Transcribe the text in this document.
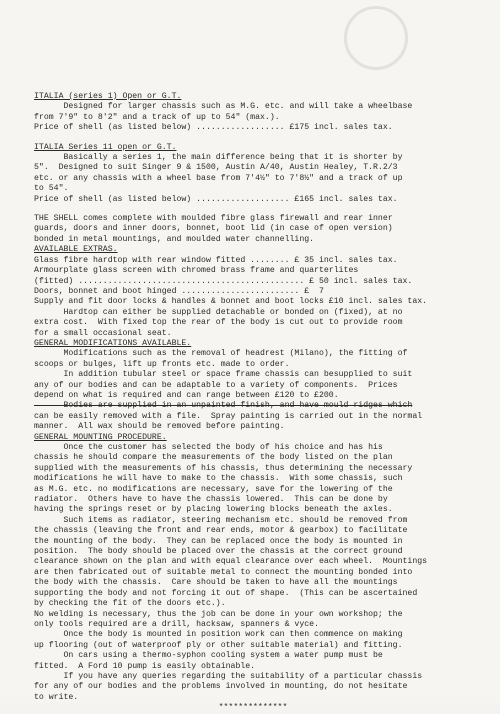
ITALIA (series 1) Open or G.T.

Designed for larger chassis such as M.G. etc. and will take a wheelbase

from 7'9" to 8'2" and a track of up to 54" (max.).

Price of shell (as listed below) .................. £175 incl. sales tax.

ITALIA Series 11 open or G.T.

Basically a series 1, the main difference being that it is shorter by

5".  Designed to suit Singer 9 & 1500, Austin A/40, Austin Healey, T.R.2/3

etc. or any chassis with a wheel base from 7'4½" to 7'8½" and a track of up

to 54".

Price of shell (as listed below) ................... £165 incl. sales tax.

THE SHELL comes complete with moulded fibre glass firewall and rear inner

guards, doors and inner doors, bonnet, boot lid (in case of open version)

bonded in metal mountings, and moulded water channelling.

AVAILABLE EXTRAS.

Glass fibre hardtop with rear window fitted ........ £ 35 incl. sales tax.

Armourplate glass screen with chromed brass frame and quarterlites

(fitted) .............................................. £ 50 incl. sales tax.

Doors, bonnet and boot hinged ........................ £  7

Supply and fit door locks & handles & bonnet and boot locks £10 incl. sales tax.

Hardtop can either be supplied detachable or bonded on (fixed), at no

extra cost.  With fixed top the rear of the body is cut out to provide room

for a small occasional seat.

GENERAL MODIFICATIONS AVAILABLE.

Modifications such as the removal of headrest (Milano), the fitting of

scoops or bulges, lift up fronts etc. made to order.

In addition tubular steel or space frame chassis can besupplied to suit

any of our bodies and can be adaptable to a variety of components.  Prices

depend on what is required and can range between £120 to £200.

Bodies are supplied in an unpainted finish, and have mould ridges which

can be easily removed with a file.  Spray painting is carried out in the normal

manner.  All wax should be removed before painting.

GENERAL MOUNTING PROCEDURE.

Once the customer has selected the body of his choice and has his

chassis he should compare the measurements of the body listed on the plan

supplied with the measurements of his chassis, thus determining the necessary

modifications he will have to make to the chassis.  With some chassis, such

as M.G. etc. no modifications are necessary, save for the lowering of the

radiator.  Others have to have the chassis lowered.  This can be done by

having the springs reset or by placing lowering blocks beneath the axles.

Such items as radiator, steering mechanism etc. should be removed from

the chassis (leaving the front and rear ends, motor & gearbox) to facilitate

the mounting of the body.  They can be replaced once the body is mounted in

position.  The body should be placed over the chassis at the correct ground

clearance shown on the plan and with equal clearance over each wheel.  Mountings

are then fabricated out of suitable metal to connect the mounting bonded into

the body with the chassis.  Care should be taken to have all the mountings

supporting the body and not forcing it out of shape.  (This can be ascertained

by checking the fit of the doors etc.).

No welding is necessary, thus the job can be done in your own workshop; the

only tools required are a drill, hacksaw, spanners & vyce.

Once the body is mounted in position work can then commence on making

up flooring (out of waterproof ply or other suitable material) and fitting.

On cars using a thermo-syphon cooling system a water pump must be

fitted.  A Ford 10 pump is easily obtainable.

If you have any queries regarding the suitability of a particular chassis

for any of our bodies and the problems involved in mounting, do not hesitate

to write.

**************
